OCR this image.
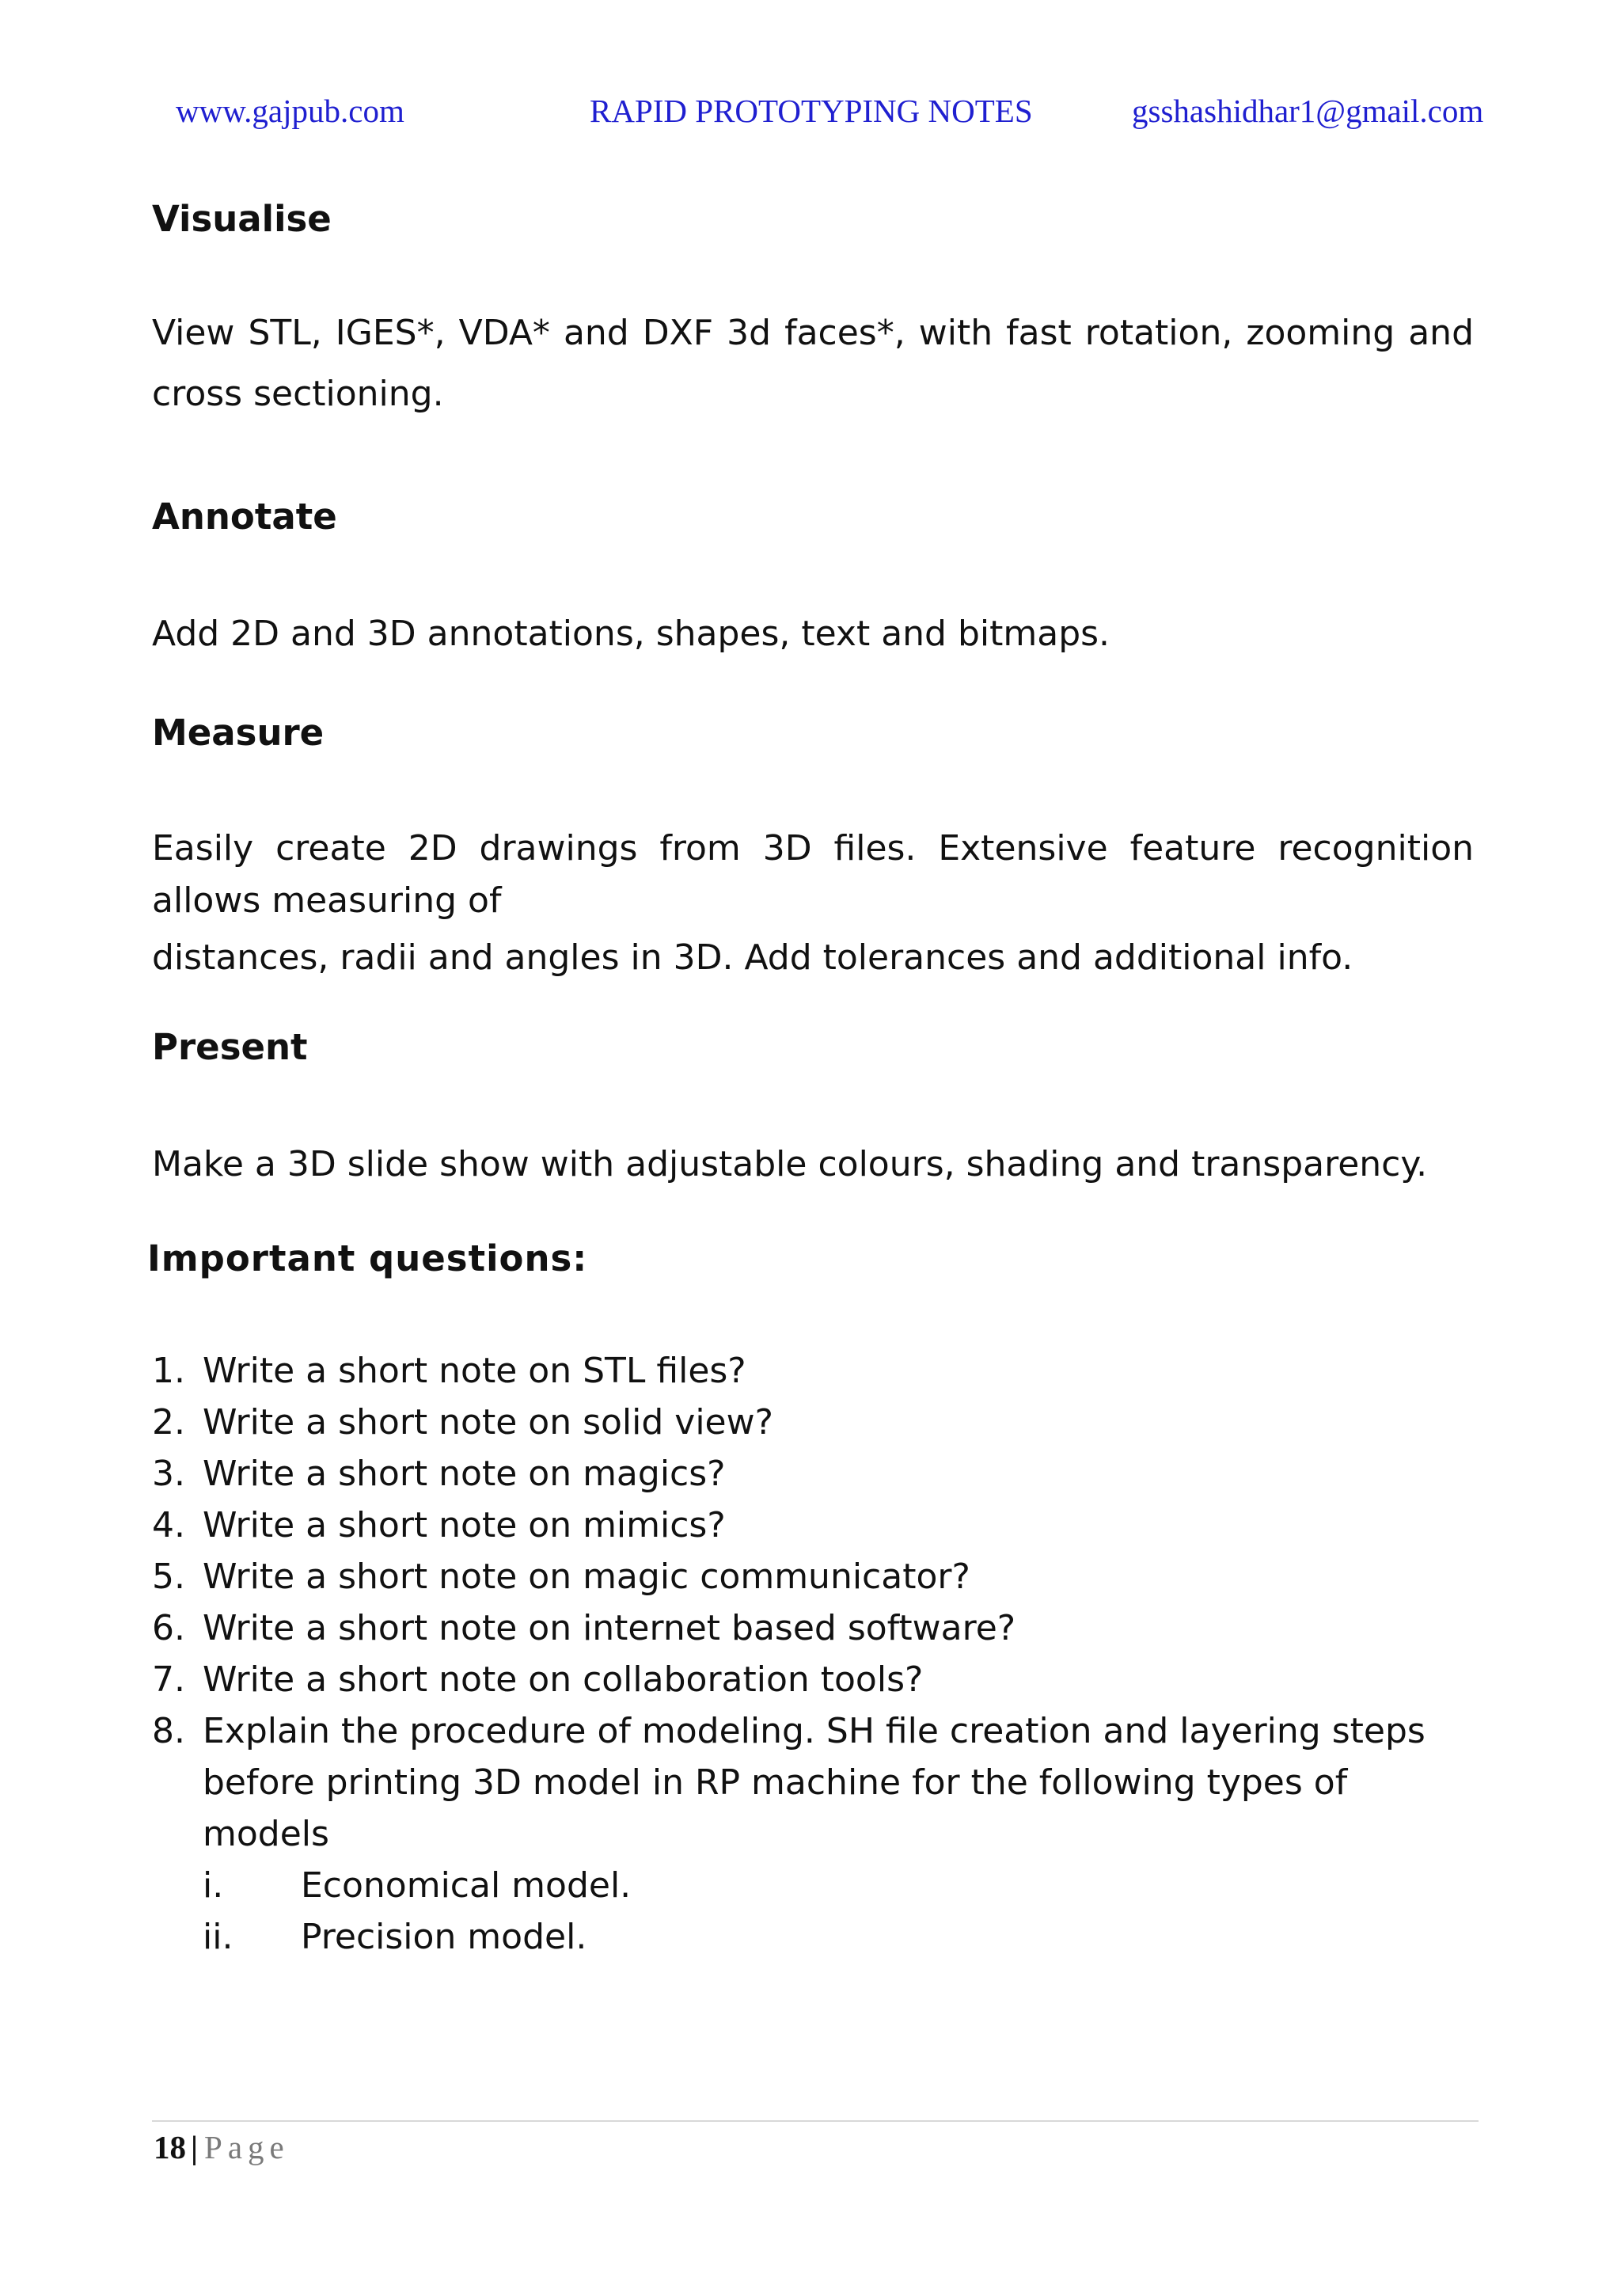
www.gajpub.com	RAPID PROTOTYPING NOTES	gsshashidhar1@gmail.com
Visualise

View STL, IGES*, VDA* and DXF 3d faces*, with fast rotation, zooming and cross sectioning.

Annotate

Add 2D and 3D annotations, shapes, text and bitmaps.

Measure

Easily create 2D drawings from 3D files. Extensive feature recognition allows measuring of

distances, radii and angles in 3D. Add tolerances and additional info.

Present

Make a 3D slide show with adjustable colours, shading and transparency.

Important questions:
1. Write a short note on STL files?
2. Write a short note on solid view?
3. Write a short note on magics?
4. Write a short note on mimics?
5. Write a short note on magic communicator?
6. Write a short note on internet based software?
7. Write a short note on collaboration tools?
8. Explain the procedure of modeling. SH file creation and layering steps before printing 3D model in RP machine for the following types of models
i. Economical model.
ii. Precision model.
18 | Page
